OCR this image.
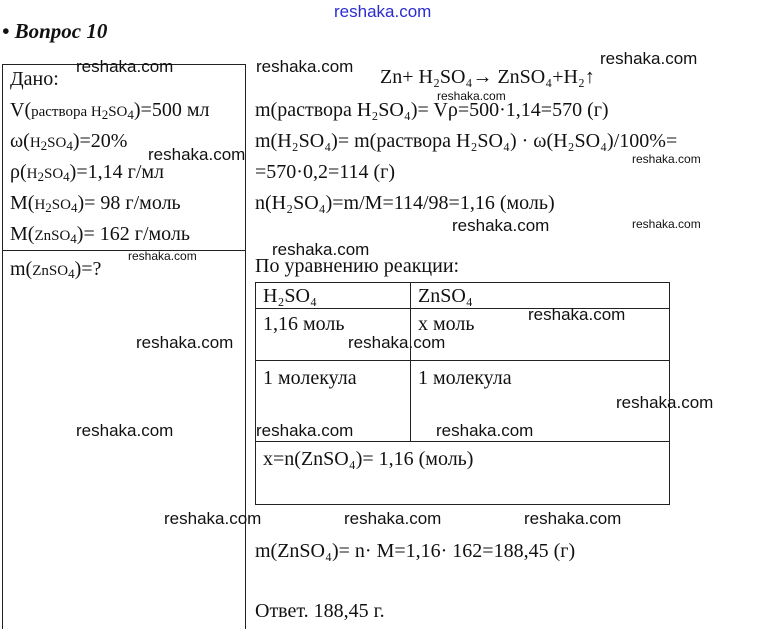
reshaka.com
• Вопрос 10
Дано:
V(раствора $H_2SO_4)=500$ мл
$\omega(H_2SO_4)=20\%$
$\rho(H_2SO_4)=1,14$ г/мл
$M(H_2SO_4)= 98$ г/моль
M(ZnSO$_4$)= 162 г/моль
m(ZnSO$_4$)=?
Zn+ H₂SO₄→ ZnSO₄+H₂↑
m(раствора H₂SO₄)= Vρ=500·1,14=570 (г)
m(H₂SO₄)= m(раствора H₂SO₄) · ω(H₂SO₄)/100%=
=570·0,2=114 (г)
n(H₂SO₄)=m/M=114/98=1,16 (моль)
По уравнению реакции:
H₂SO₄	ZnSO₄
1,16 моль	x моль
1 молекула	1 молекула
x=n(ZnSO₄)= 1,16 (моль)
m(ZnSO₄)= n· M=1,16· 162=188,45 (г)
Ответ. 188,45 г.
reshaka.com
reshaka.com	reshaka.com
reshaka.com
reshaka.com	reshaka.com
reshaka.com	reshaka.com
reshaka.com
reshaka.com
reshaka.com
reshaka.com	reshaka.com
reshaka.com
reshaka.com	reshaka.com	reshaka.com
reshaka.com	reshaka.com	reshaka.com
